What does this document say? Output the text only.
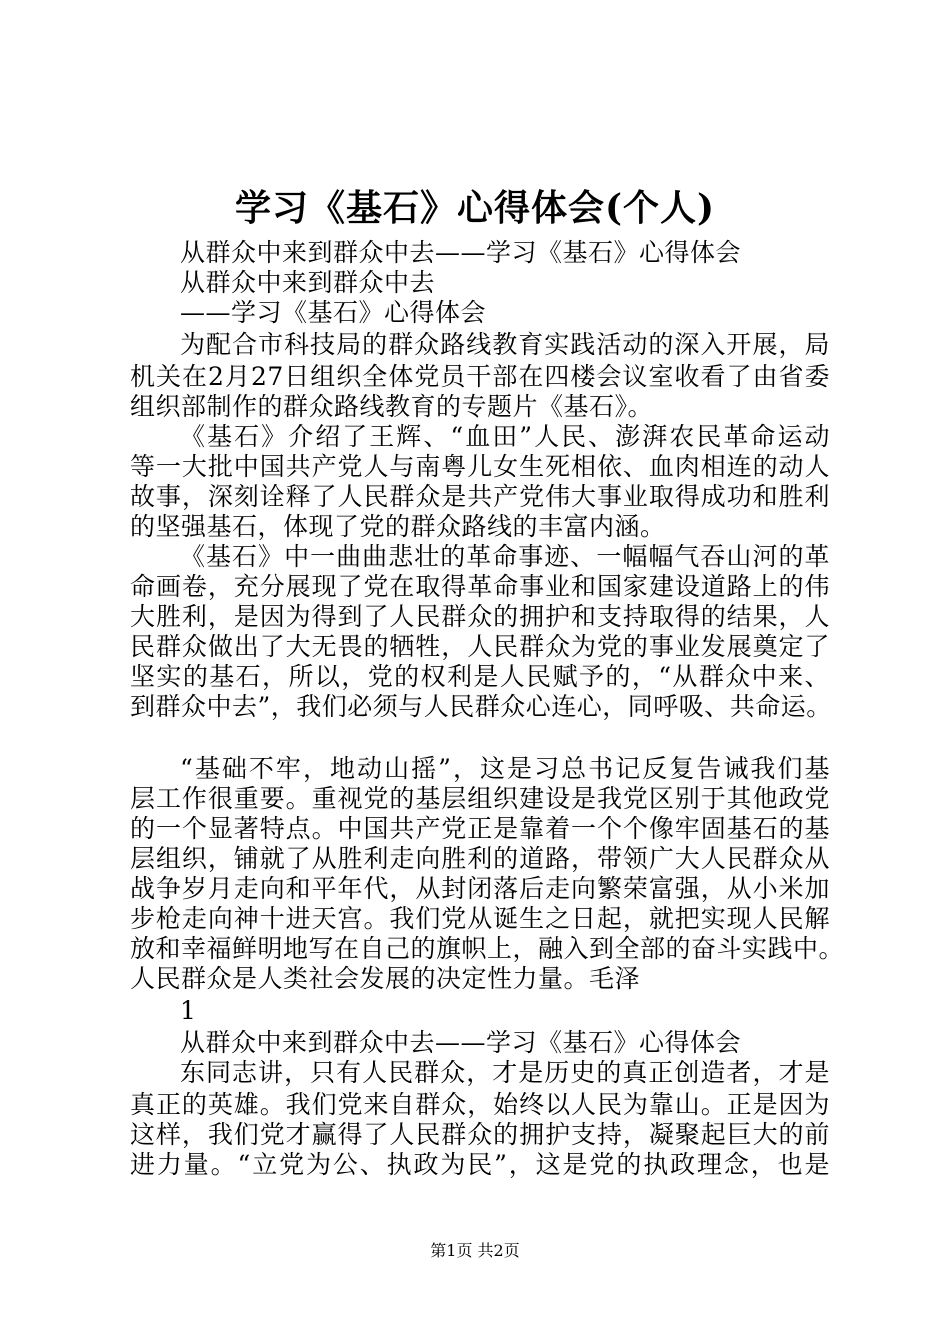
学习《基石》心得体会(个人)
从群众中来到群众中去——学习《基石》心得体会
从群众中来到群众中去
——学习《基石》心得体会
为配合市科技局的群众路线教育实践活动的深入开展，局
机关在2月27日组织全体党员干部在四楼会议室收看了由省委
组织部制作的群众路线教育的专题片《基石》。
《基石》介绍了王辉、“血田”人民、澎湃农民革命运动
等一大批中国共产党人与南粤儿女生死相依、血肉相连的动人
故事，深刻诠释了人民群众是共产党伟大事业取得成功和胜利
的坚强基石，体现了党的群众路线的丰富内涵。
《基石》中一曲曲悲壮的革命事迹、一幅幅气吞山河的革
命画卷，充分展现了党在取得革命事业和国家建设道路上的伟
大胜利，是因为得到了人民群众的拥护和支持取得的结果，人
民群众做出了大无畏的牺牲，人民群众为党的事业发展奠定了
坚实的基石，所以，党的权利是人民赋予的，“从群众中来、
到群众中去”，我们必须与人民群众心连心，同呼吸、共命运。
“基础不牢，地动山摇”，这是习总书记反复告诫我们基
层工作很重要。重视党的基层组织建设是我党区别于其他政党
的一个显著特点。中国共产党正是靠着一个个像牢固基石的基
层组织，铺就了从胜利走向胜利的道路，带领广大人民群众从
战争岁月走向和平年代，从封闭落后走向繁荣富强，从小米加
步枪走向神十进天宫。我们党从诞生之日起，就把实现人民解
放和幸福鲜明地写在自己的旗帜上，融入到全部的奋斗实践中。
人民群众是人类社会发展的决定性力量。毛泽
1
从群众中来到群众中去——学习《基石》心得体会
东同志讲，只有人民群众，才是历史的真正创造者，才是
真正的英雄。我们党来自群众，始终以人民为靠山。正是因为
这样，我们党才赢得了人民群众的拥护支持，凝聚起巨大的前
进力量。“立党为公、执政为民”，这是党的执政理念，也是
第1页 共2页
